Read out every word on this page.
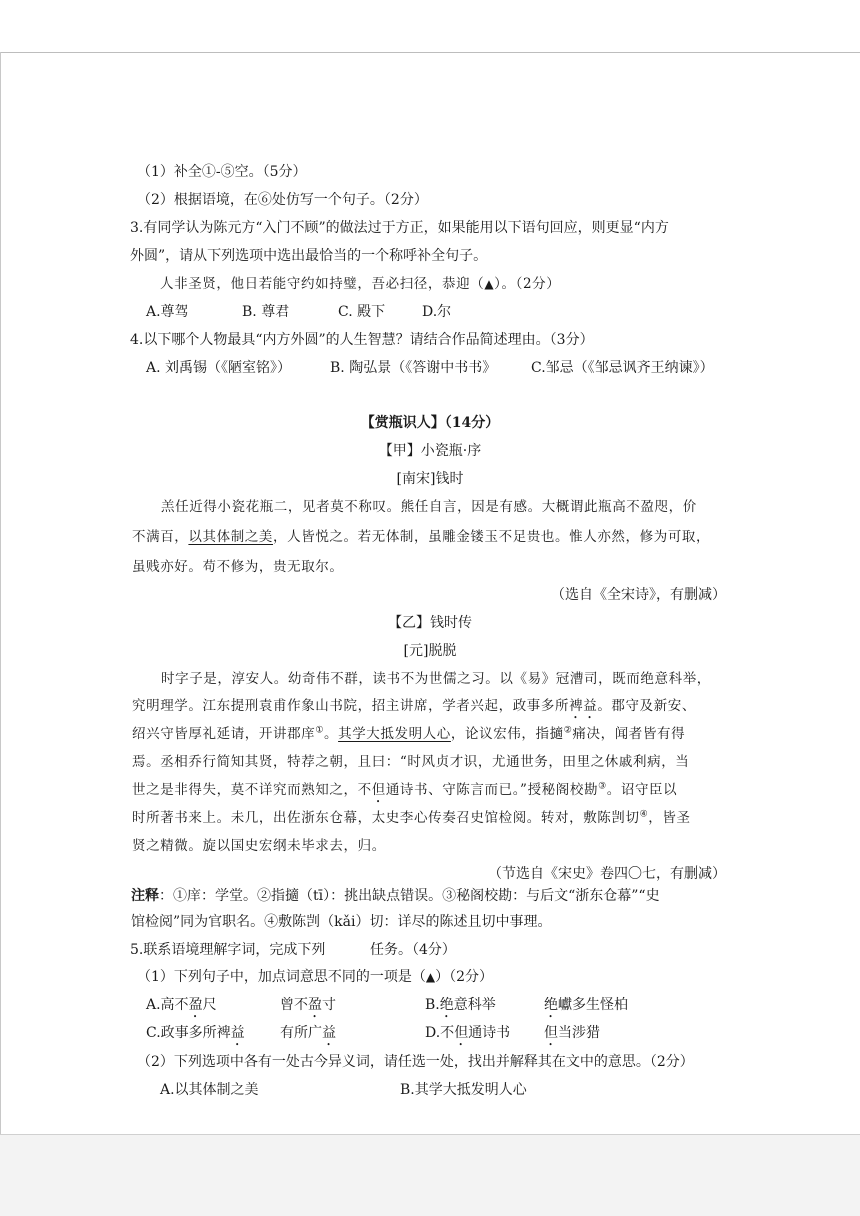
（1）补全①-⑤空。（5分）
（2）根据语境，在⑥处仿写一个句子。（2分）
3.有同学认为陈元方“入门不顾”的做法过于方正，如果能用以下语句回应，则更显“内方
外圆”，请从下列选项中选出最恰当的一个称呼补全句子。
人非圣贤，他日若能守约如持璧，吾必扫径，恭迎（▲）。（2分）
A.尊驾	B. 尊君	C. 殿下	D.尔
4.以下哪个人物最具“内方外圆”的人生智慧？请结合作品简述理由。（3分）
A. 刘禹锡（《陋室铭》）	B. 陶弘景（《答谢中书书》 C.邹忌（《邹忌讽齐王纳谏》）
【赏瓶识人】（14分）
【甲】小瓷瓶·序
[南宋]钱时
羔任近得小瓷花瓶二，见者莫不称叹。熊任自言，因是有感。大概谓此瓶高不盈咫，价
不满百，以其体制之美，人皆悦之。若无体制，虽雕金镂玉不足贵也。惟人亦然，修为可取，
虽贱亦好。苟不修为，贵无取尔。
（选自《全宋诗》，有删减）
【乙】钱时传
[元]脱脱
时字子是，淳安人。幼奇伟不群，读书不为世儒之习。以《易》冠漕司，既而绝意科举，
究明理学。江东提刑袁甫作象山书院，招主讲席，学者兴起，政事多所裨益。郡守及新安、
绍兴守皆厚礼延请，开讲郡庠①。其学大抵发明人心，论议宏伟，指擿②痛决，闻者皆有得
焉。丞相乔行简知其贤，特荐之朝，且曰：“时风贞才识，尤通世务，田里之休戚利病，当
世之是非得失，莫不详究而熟知之，不但通诗书、守陈言而已。”授秘阁校勘③。诏守臣以
时所著书来上。未几，出佐浙东仓幕，太史李心传奏召史馆检阅。转对，敷陈剀切④，皆圣
贤之精微。旋以国史宏纲未毕求去，归。
（节选自《宋史》卷四〇七，有删减）
注释：①庠：学堂。②指擿（tī）：挑出缺点错误。③秘阁校勘：与后文“浙东仓幕”“史
馆检阅”同为官职名。④敷陈剀（kǎi）切：详尽的陈述且切中事理。
5.联系语境理解字词，完成下列	任务。（4分）
（1）下列句子中，加点词意思不同的一项是（▲）（2分）
A.高不盈尺	曾不盈寸	B.绝意科举	绝巘多生怪柏
C.政事多所裨益	有所广益	D.不但通诗书 但当涉猎
（2）下列选项中各有一处古今异义词，请任选一处，找出并解释其在文中的意思。（2分）
A.以其体制之美	B.其学大抵发明人心
